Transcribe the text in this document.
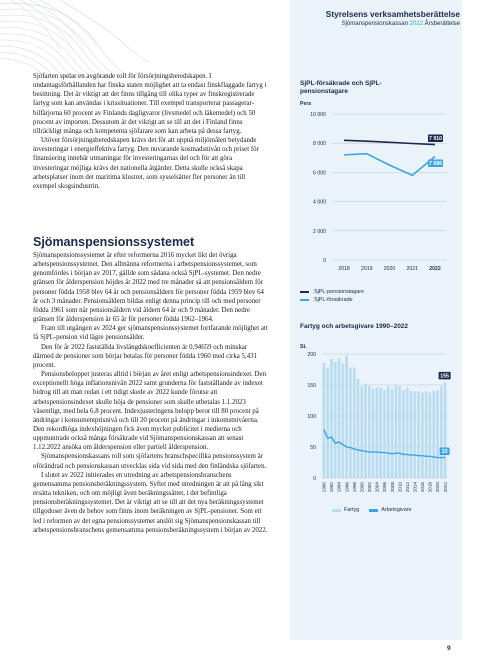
Sjöfarten spelar en avgörande roll för försörjningsberedskapen. I undantagsförhållanden har finska staten möjlighet att ta endast finskflaggade fartyg i besittning. Det är viktigt att det finns tillgång till olika typer av finskregistrerade fartyg som kan användas i krissituationer. Till exempel transporterar passagerar-bilfärjorna 60 procent av Finlands dagligvaror (livsmedel och läkemedel) och 50 procent av importen. Dessutom är det viktigt att se till att det i Finland finns tillräckligt många och kompetenta sjöfarare som kan arbeta på dessa fartyg.

Utöver försörjningsberedskapen krävs det för att uppnå miljömålen betydande investeringar i energieffektiva fartyg. Den nuvarande kostnadsnivån och priset för finansiering innebär utmaningar för investeringarnas del och för att göra investeringar möjliga krävs det nationella åtgärder. Detta skulle också skapa arbetsplatser inom det maritima klustret, som sysselsätter fler personer än till exempel skogsindustrin.

Sjömanspensionssystemet

Sjömanspensionssystemet är efter reformerna 2016 mycket likt det övriga arbetspensionssystemet. Den allmänna reformerna i arbetspensionssystemet, som genomfördes i början av 2017, gällde som sådana också SjPL-systemet. Den nedre gränsen för ålderspension höjdes år 2022 med tre månader så att pensionsåldern för personer födda 1958 blev 64 år och pensionsåldern för personer födda 1959 blev 64 år och 3 månader. Pensionsåldern bildas enligt denna princip till och med personer födda 1961 som når pensionsåldern vid åldern 64 år och 9 månader. Den nedre gränsen för ålderspension är 65 år för personer födda 1962–1964.

Fram till utgången av 2024 ger sjömanspensionssystemet fortfarande möjlighet att få SjPL-pension vid lägre pensionsålder.

Den för år 2022 fastställda livslängdskoefficienten är 0,94659 och minskar därmed de pensioner som börjar betalas för personer födda 1960 med cirka 5,431 procent.

Pensionsbeloppet justeras alltid i början av året enligt arbetspensionsindexet. Den exceptionellt höga inflationsnivån 2022 samt grunderna för fastställande av indexet bidrog till att man redan i ett tidigt skede av 2022 kunde förutse att arbetspensionsindexet skulle höja de pensioner som skulle utbetalas 1.1.2023 väsentligt, med hela 6,8 procent. Indexjusteringens belopp beror till 80 procent på ändringar i konsumentprisnivå och till 20 procent på ändringar i inkomstnivåerna. Den rekordhöga indexhöjningen fick även mycket publicitet i medierna och uppmuntrade också många försäkrade vid Sjömanspensionskassan att senast 1.12.2022 ansöka om ålderspension eller partiell ålderspension.

Sjömanspensionskassans roll som sjöfartens branschspecifika pensionssystem är oförändrad och pensionskassan utvecklas sida vid sida med den finländska sjöfarten.

I slutet av 2022 initierades en utredning av arbetspensionsbranschens gemensamma pensionsberäkningssystem. Syftet med utredningen är att på lång sikt ersätta tekniken, och om möjligt även beräkningssättet, i det befintliga pensionsberäkningssystemet. Det är viktigt att se till att det nya beräkningssystemet tillgodoser även de behov som finns inom beräkningen av SjPL-pensioner. Som ett led i reformen av det egna pensionssystemet anslöt sig Sjömanspensionskassan till arbetspensionsbranschens gemensamma pensionsberäkningssystem i början av 2022.

Styrelsens verksamhetsberättelse
Sjömanspensionskassan 2022 Årsberättelse
SjPL-försäkrade och SjPL-pensionstagare
Pers
0
2 000
4 000
6 000
8 000
10 000
2018 2019 2020 2021 2022
7 910
7 086
SjPL-pensionstagare
SjPL-försäkrade
Fartyg och arbetsgivare 1990–2022
St.
0
50
100
150
200
1990 1992 1994 1996 1998 2000 2002 2004 2006 2008 2010 2012 2014 2016 2018 2020 2022
155
33
Fartyg	Arbetsgivare
9
